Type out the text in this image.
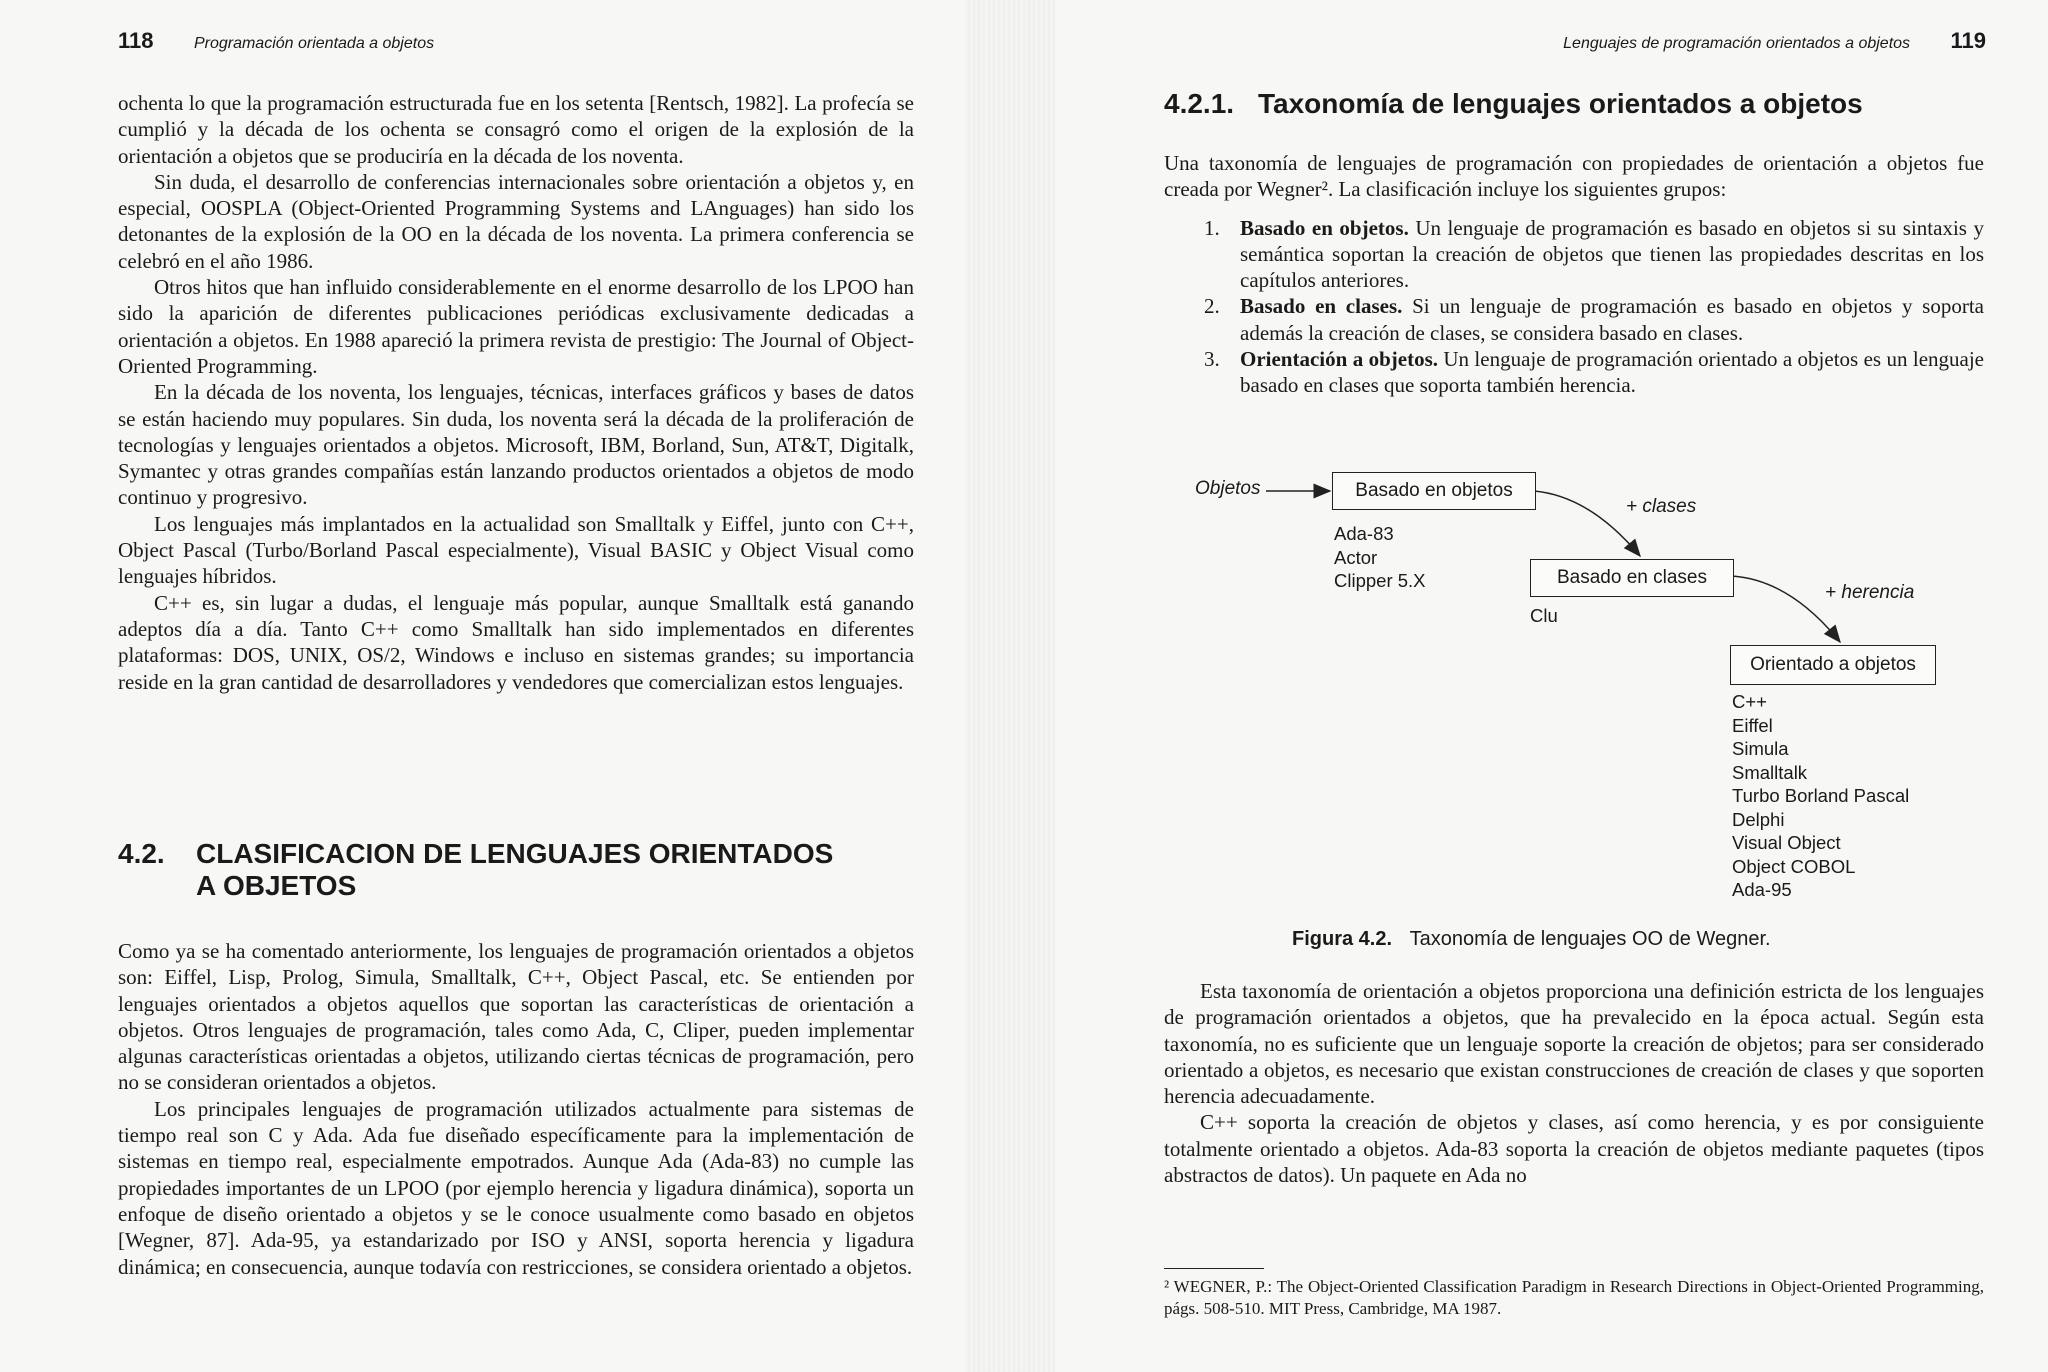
118	Programación orientada a objetos

ochenta lo que la programación estructurada fue en los setenta [Rentsch, 1982]. La profecía se cumplió y la década de los ochenta se consagró como el origen de la explosión de la orientación a objetos que se produciría en la década de los noventa.

Sin duda, el desarrollo de conferencias internacionales sobre orientación a objetos y, en especial, OOSPLA (Object-Oriented Programming Systems and LAnguages) han sido los detonantes de la explosión de la OO en la década de los noventa. La primera conferencia se celebró en el año 1986.

Otros hitos que han influido considerablemente en el enorme desarrollo de los LPOO han sido la aparición de diferentes publicaciones periódicas exclusivamente dedicadas a orientación a objetos. En 1988 apareció la primera revista de prestigio: The Journal of Object-Oriented Programming.

En la década de los noventa, los lenguajes, técnicas, interfaces gráficos y bases de datos se están haciendo muy populares. Sin duda, los noventa será la década de la proliferación de tecnologías y lenguajes orientados a objetos. Microsoft, IBM, Borland, Sun, AT&T, Digitalk, Symantec y otras grandes compañías están lanzando productos orientados a objetos de modo continuo y progresivo.

Los lenguajes más implantados en la actualidad son Smalltalk y Eiffel, junto con C++, Object Pascal (Turbo/Borland Pascal especialmente), Visual BASIC y Object Visual como lenguajes híbridos.

C++ es, sin lugar a dudas, el lenguaje más popular, aunque Smalltalk está ganando adeptos día a día. Tanto C++ como Smalltalk han sido implementados en diferentes plataformas: DOS, UNIX, OS/2, Windows e incluso en sistemas grandes; su importancia reside en la gran cantidad de desarrolladores y vendedores que comercializan estos lenguajes.

4.2.	CLASIFICACION DE LENGUAJES ORIENTADOS A OBJETOS

Como ya se ha comentado anteriormente, los lenguajes de programación orientados a objetos son: Eiffel, Lisp, Prolog, Simula, Smalltalk, C++, Object Pascal, etc. Se entienden por lenguajes orientados a objetos aquellos que soportan las características de orientación a objetos. Otros lenguajes de programación, tales como Ada, C, Cliper, pueden implementar algunas características orientadas a objetos, utilizando ciertas técnicas de programación, pero no se consideran orientados a objetos.

Los principales lenguajes de programación utilizados actualmente para sistemas de tiempo real son C y Ada. Ada fue diseñado específicamente para la implementación de sistemas en tiempo real, especialmente empotrados. Aunque Ada (Ada-83) no cumple las propiedades importantes de un LPOO (por ejemplo herencia y ligadura dinámica), soporta un enfoque de diseño orientado a objetos y se le conoce usualmente como basado en objetos [Wegner, 87]. Ada-95, ya estandarizado por ISO y ANSI, soporta herencia y ligadura dinámica; en consecuencia, aunque todavía con restricciones, se considera orientado a objetos.

Lenguajes de programación orientados a objetos 119
4.2.1. Taxonomía de lenguajes orientados a objetos

Una taxonomía de lenguajes de programación con propiedades de orientación a objetos fue creada por Wegner². La clasificación incluye los siguientes grupos:

1. Basado en objetos. Un lenguaje de programación es basado en objetos si su sintaxis y semántica soportan la creación de objetos que tienen las propiedades descritas en los capítulos anteriores.
2. Basado en clases. Si un lenguaje de programación es basado en objetos y soporta además la creación de clases, se considera basado en clases.
3. Orientación a objetos. Un lenguaje de programación orientado a objetos es un lenguaje basado en clases que soporta también herencia.

Esta taxonomía de orientación a objetos proporciona una definición estricta de los lenguajes de programación orientados a objetos, que ha prevalecido en la época actual. Según esta taxonomía, no es suficiente que un lenguaje soporte la creación de objetos; para ser considerado orientado a objetos, es necesario que existan construcciones de creación de clases y que soporten herencia adecuadamente.

C++ soporta la creación de objetos y clases, así como herencia, y es por consiguiente totalmente orientado a objetos. Ada-83 soporta la creación de objetos mediante paquetes (tipos abstractos de datos). Un paquete en Ada no

² WEGNER, P.: The Object-Oriented Classification Paradigm in Research Directions in Object-Oriented Programming, págs. 508-510. MIT Press, Cambridge, MA 1987.
Objetos	Basado en objetos
+ clases
Ada-83
Actor
Clipper 5.X	Basado en clases
+ herencia
Clu
Orientado a objetos
C++
Eiffel
Simula
Smalltalk
Turbo Borland Pascal
Delphi
Visual Object
Object COBOL
Ada-95
Figura 4.2. Taxonomía de lenguajes OO de Wegner.
